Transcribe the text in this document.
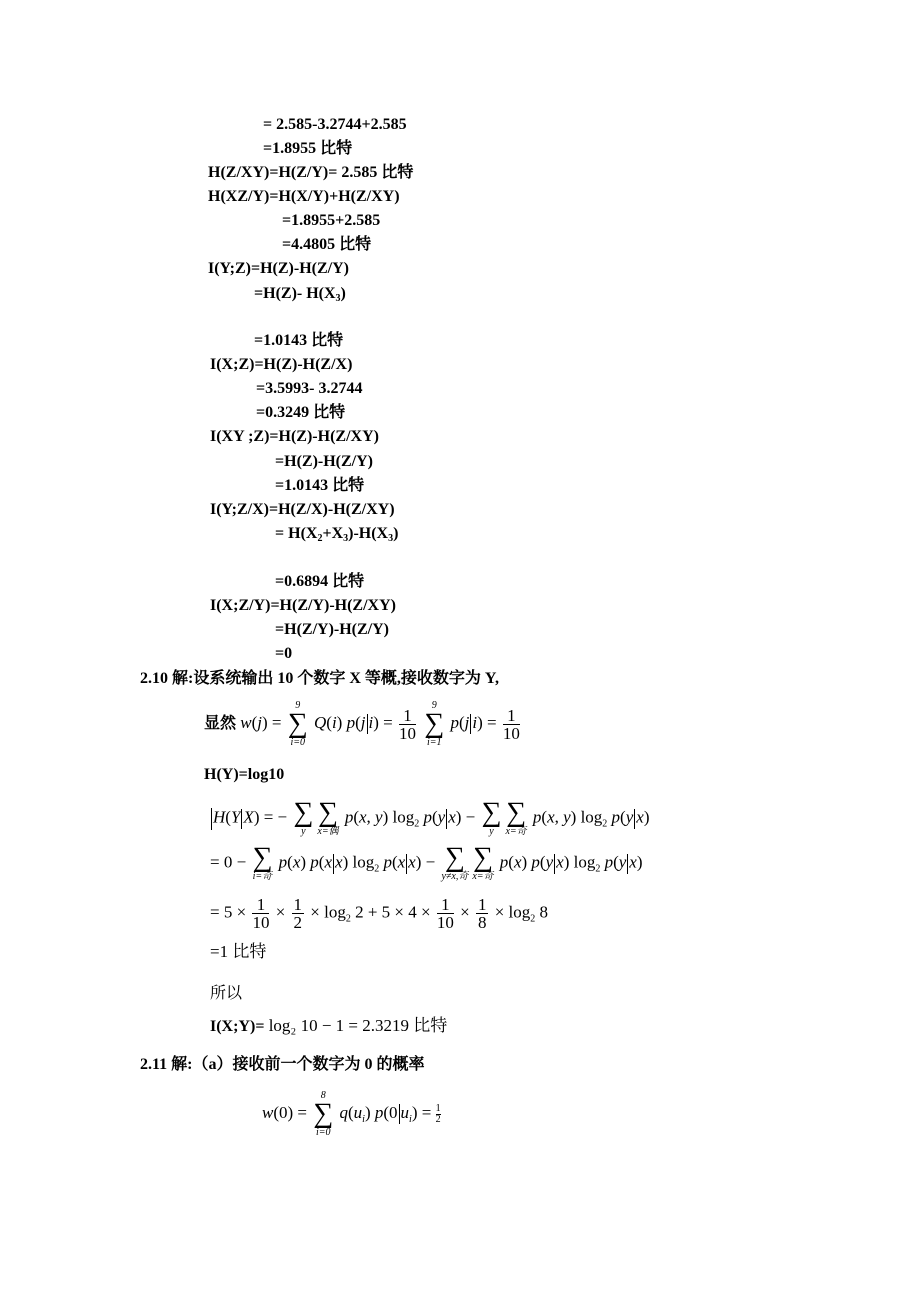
= 2.585-3.2744+2.585
=1.8955 比特
H(Z/XY)=H(Z/Y)= 2.585 比特
H(XZ/Y)=H(X/Y)+H(Z/XY)
=1.8955+2.585
=4.4805 比特
I(Y;Z)=H(Z)-H(Z/Y)
=H(Z)- H(X3)
=1.0143 比特
I(X;Z)=H(Z)-H(Z/X)
=3.5993- 3.2744
=0.3249 比特
I(XY ;Z)=H(Z)-H(Z/XY)
=H(Z)-H(Z/Y)
=1.0143 比特
I(Y;Z/X)=H(Z/X)-H(Z/XY)
= H(X2+X3)-H(X3)
=0.6894 比特
I(X;Z/Y)=H(Z/Y)-H(Z/XY)
=H(Z/Y)-H(Z/Y)
=0
2.10 解:设系统输出 10 个数字 X 等概,接收数字为 Y,
显然 w(j) =
9
∑
i=0
Q(i) p(j $i) = \frac{1}{10}$

9
∑
i=1
p(j $i) = \frac{1}{10}$
H(Y)=log10
H(Y X) = − ∑
y
∑
x=偶
p(x, y) $\log_2 p(y$ x) − ∑
y
∑
x=奇
p(x, y) $\log_2 p(y$ x)
= 0 − ∑
i=奇
p(x) p(x x) $\log_2 p(x$ x) − ∑
y≠x,奇
∑
x=奇
p(x) p(y x) $\log_2 p(y$ x)
= $5 \times \frac{1}{10} \times \frac{1}{2} \times \log_2 2 + 5 \times 4 \times \frac{1}{10} \times \frac{1}{8} \times \log_2 8$
=1 比特
所以
I(X;Y)= log₂ 10 − 1 = 2.3219 比特
2.11 解:（a）接收前一个数字为 0 的概率
w(0) =
8
∑
i=0
$q(u_i)$ p(0 $u_i) = \frac{1}{2}$
